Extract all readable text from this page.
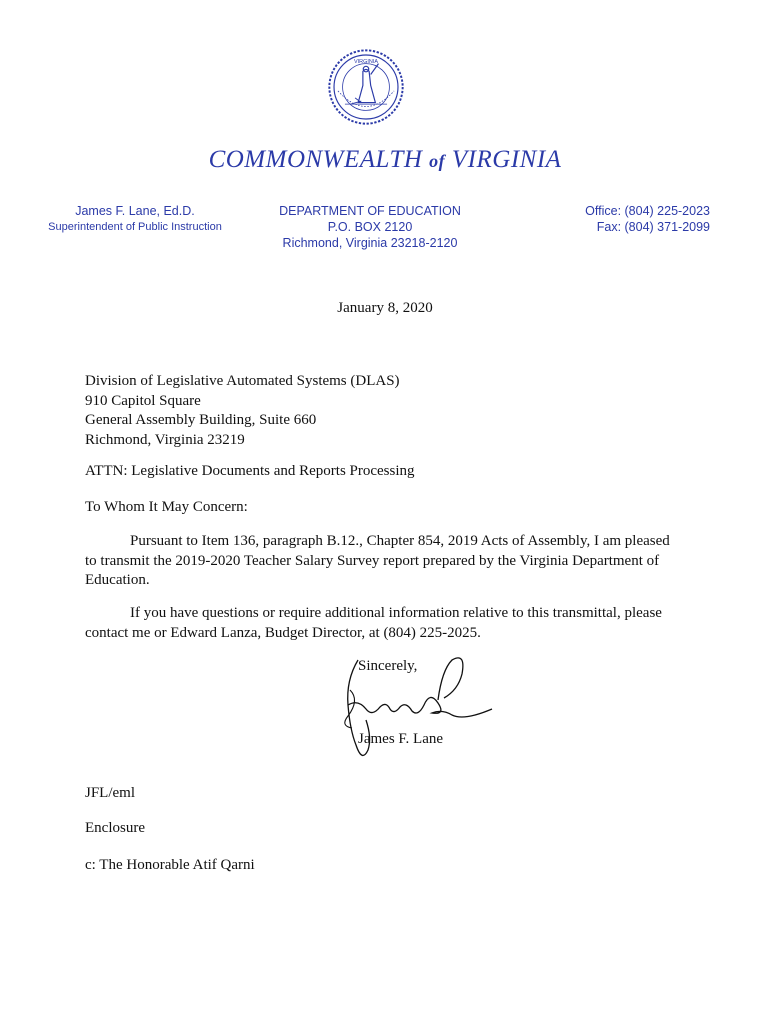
VIRGINIA
COMMONWEALTH of VIRGINIA
James F. Lane, Ed.D.
Superintendent of Public Instruction
DEPARTMENT OF EDUCATION
P.O. BOX 2120
Richmond, Virginia 23218-2120
Office: (804) 225-2023
Fax: (804) 371-2099
January 8, 2020
Division of Legislative Automated Systems (DLAS)
910 Capitol Square
General Assembly Building, Suite 660
Richmond, Virginia 23219
ATTN: Legislative Documents and Reports Processing
To Whom It May Concern:
Pursuant to Item 136, paragraph B.12., Chapter 854, 2019 Acts of Assembly, I am pleased to transmit the 2019-2020 Teacher Salary Survey report prepared by the Virginia Department of Education.
If you have questions or require additional information relative to this transmittal, please contact me or Edward Lanza, Budget Director, at (804) 225-2025.
Sincerely,
James F. Lane
JFL/eml
Enclosure
c: The Honorable Atif Qarni
